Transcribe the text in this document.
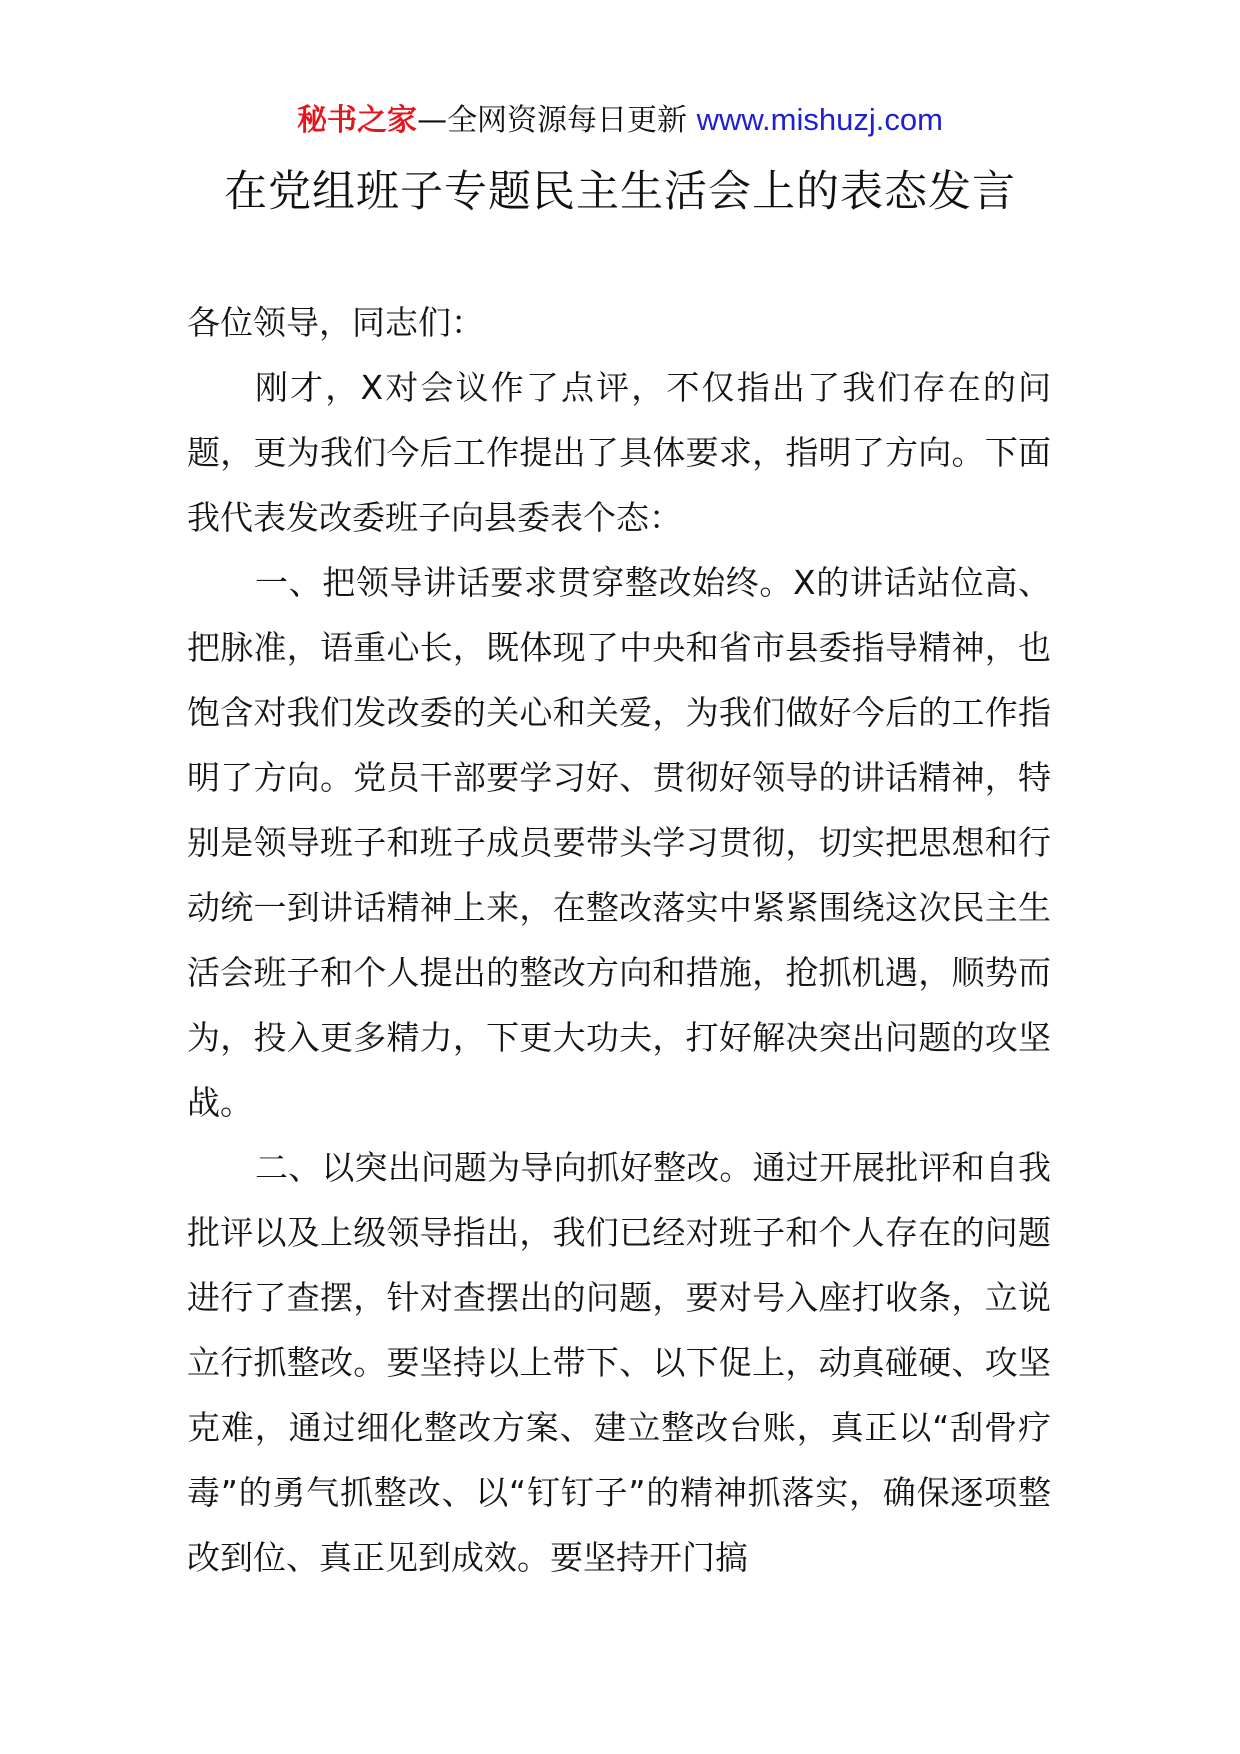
秘书之家—全网资源每日更新 www.mishuzj.com
在党组班子专题民主生活会上的表态发言

各位领导，同志们：

刚才，X对会议作了点评，不仅指出了我们存在的问题，更为我们今后工作提出了具体要求，指明了方向。下面我代表发改委班子向县委表个态：

一、把领导讲话要求贯穿整改始终。X的讲话站位高、把脉准，语重心长，既体现了中央和省市县委指导精神，也饱含对我们发改委的关心和关爱，为我们做好今后的工作指明了方向。党员干部要学习好、贯彻好领导的讲话精神，特别是领导班子和班子成员要带头学习贯彻，切实把思想和行动统一到讲话精神上来，在整改落实中紧紧围绕这次民主生活会班子和个人提出的整改方向和措施，抢抓机遇，顺势而为，投入更多精力，下更大功夫，打好解决突出问题的攻坚战。

二、以突出问题为导向抓好整改。通过开展批评和自我批评以及上级领导指出，我们已经对班子和个人存在的问题进行了查摆，针对查摆出的问题，要对号入座打收条，立说立行抓整改。要坚持以上带下、以下促上，动真碰硬、攻坚克难，通过细化整改方案、建立整改台账，真正以“刮骨疗毒”的勇气抓整改、以“钉钉子”的精神抓落实，确保逐项整改到位、真正见到成效。要坚持开门搞
